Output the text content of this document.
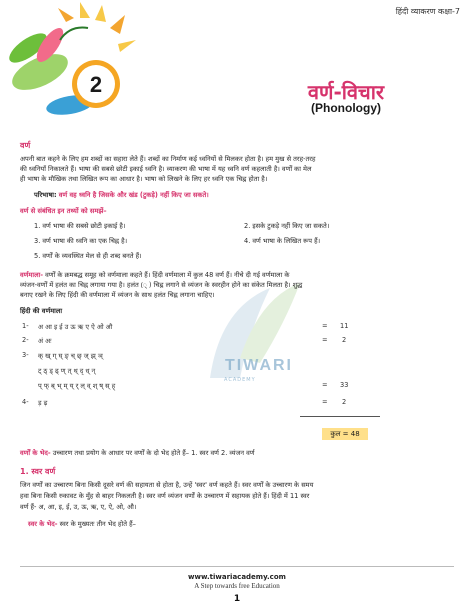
हिंदी व्याकरण कक्षा-7
2	वर्ण-विचार
(Phonology)
TIWARI
ACADEMY
वर्ण
अपनी बात कहने के लिए हम शब्दों का सहारा लेते हैं। शब्दों का निर्माण कई ध्वनियों से मिलकर होता है। हम मुख से तरह-तरह
की ध्वनियाँ निकालते हैं। भाषा की सबसे छोटी इकाई ध्वनि है। व्याकरण की भाषा में यह ध्वनि वर्ण कहलाती है। वर्णों का मेल
ही भाषा के मौखिक तथा लिखित रूप का आधार है। भाषा को लिखने के लिए हर ध्वनि एक चिह्न होता है।
परिभाषा: वर्ण वह ध्वनि है जिसके और खंड (टुकड़े) नहीं किए जा सकते।
वर्ण से संबंधित इन तथ्यों को समझें–
1. वर्ण भाषा की सबसे छोटी इकाई है।	2. इसके टुकड़े नहीं किए जा सकते।
3. वर्ण भाषा की ध्वनि का एक चिह्न है।	4. वर्ण भाषा के लिखित रूप हैं।
5. वर्णों के व्यवस्थित मेल से ही शब्द बनते हैं।
वर्णमाला- वर्णों के क्रमबद्ध समूह को वर्णमाला कहते हैं। हिंदी वर्णमाला में कुल 48 वर्ण हैं। नीचे दी गई वर्णमाला के
व्यंजन-वर्णों में हलंत का चिह्न लगाया गया है। हलंत (् ) चिह्न लगाने से व्यंजन के स्वरहीन होने का संकेत मिलता है। शुद्ध
बनाए रखने के लिए हिंदी की वर्णमाला में व्यंजन के साथ हलंत चिह्न लगाना चाहिए।
हिंदी की वर्णमाला
1- अ आ इ ई उ ऊ ऋ ए ऐ ओ औ	= 11
2- अं अः	= 2
3- क् ख् ग् घ् ङ् च् छ् ज् झ् ञ्
ट् ठ् ड् ढ् ण् त् थ् द् ध् न्
प् फ् ब् भ् म् य् र् ल् व् श् ष् स् ह्	= 33
4- ड़ ढ़	= 2
कुल = 48
वर्णों के भेद- उच्चारण तथा प्रयोग के आधार पर वर्णों के दो भेद होते हैं– 1. स्वर वर्ण 2. व्यंजन वर्ण
1. स्वर वर्ण
जिन वर्णों का उच्चारण बिना किसी दूसरे वर्ण की सहायता से होता है, उन्हें 'स्वर' वर्ण कहते हैं। स्वर वर्णों के उच्चारण के समय
हवा बिना किसी रुकावट के मुँह से बाहर निकलती है। स्वर वर्ण व्यंजन वर्णों के उच्चारण में सहायक होते हैं। हिंदी में 11 स्वर
वर्ण हैं- अ, आ, इ, ई, उ, ऊ, ऋ, ए, ऐ, ओ, औ।
स्वर के भेद- स्वर के मुख्यतः तीन भेद होते हैं–
www.tiwariacademy.com
A Step towards free Education
1
